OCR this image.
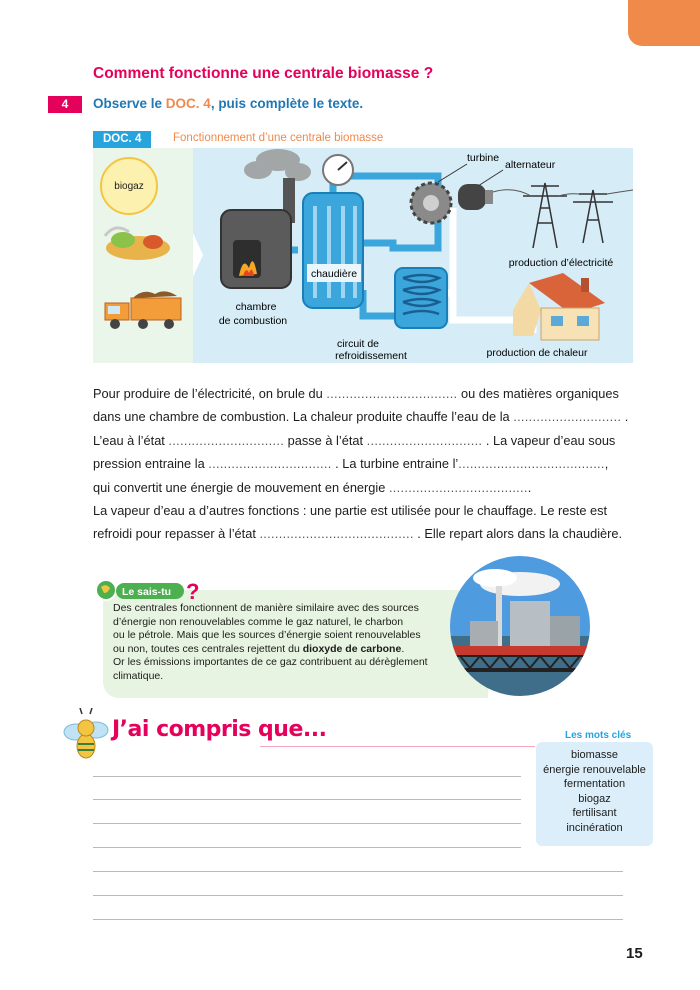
Comment fonctionne une centrale biomasse ?
4	Observe le DOC. 4, puis complète le texte.
DOC. 4	Fonctionnement d’une centrale biomasse
biogaz
chambre
de combustion
chaudière
turbine
alternateur
production d’électricité
circuit de
refroidissement	production de chaleur
Pour produire de l’électricité, on brule du .................................. ou des matières organiques
dans une chambre de combustion. La chaleur produite chauffe l’eau de la ............................ .
L’eau à l’état .............................. passe à l’état .............................. . La vapeur d’eau sous
pression entraine la ................................ . La turbine entraine l’......................................,
qui convertit une énergie de mouvement en énergie .....................................
La vapeur d’eau a d’autres fonctions : une partie est utilisée pour le chauffage. Le reste est
refroidi pour repasser à l’état ........................................ . Elle repart alors dans la chaudière.
Le sais-tu ?
Des centrales fonctionnent de manière similaire avec des sources
d’énergie non renouvelables comme le gaz naturel, le charbon
ou le pétrole. Mais que les sources d’énergie soient renouvelables
ou non, toutes ces centrales rejettent du dioxyde de carbone.
Or les émissions importantes de ce gaz contribuent au dérèglement
climatique.
J’ai compris que...	Les mots clés
biomasse
énergie renouvelable
fermentation
biogaz
fertilisant
incinération
15
